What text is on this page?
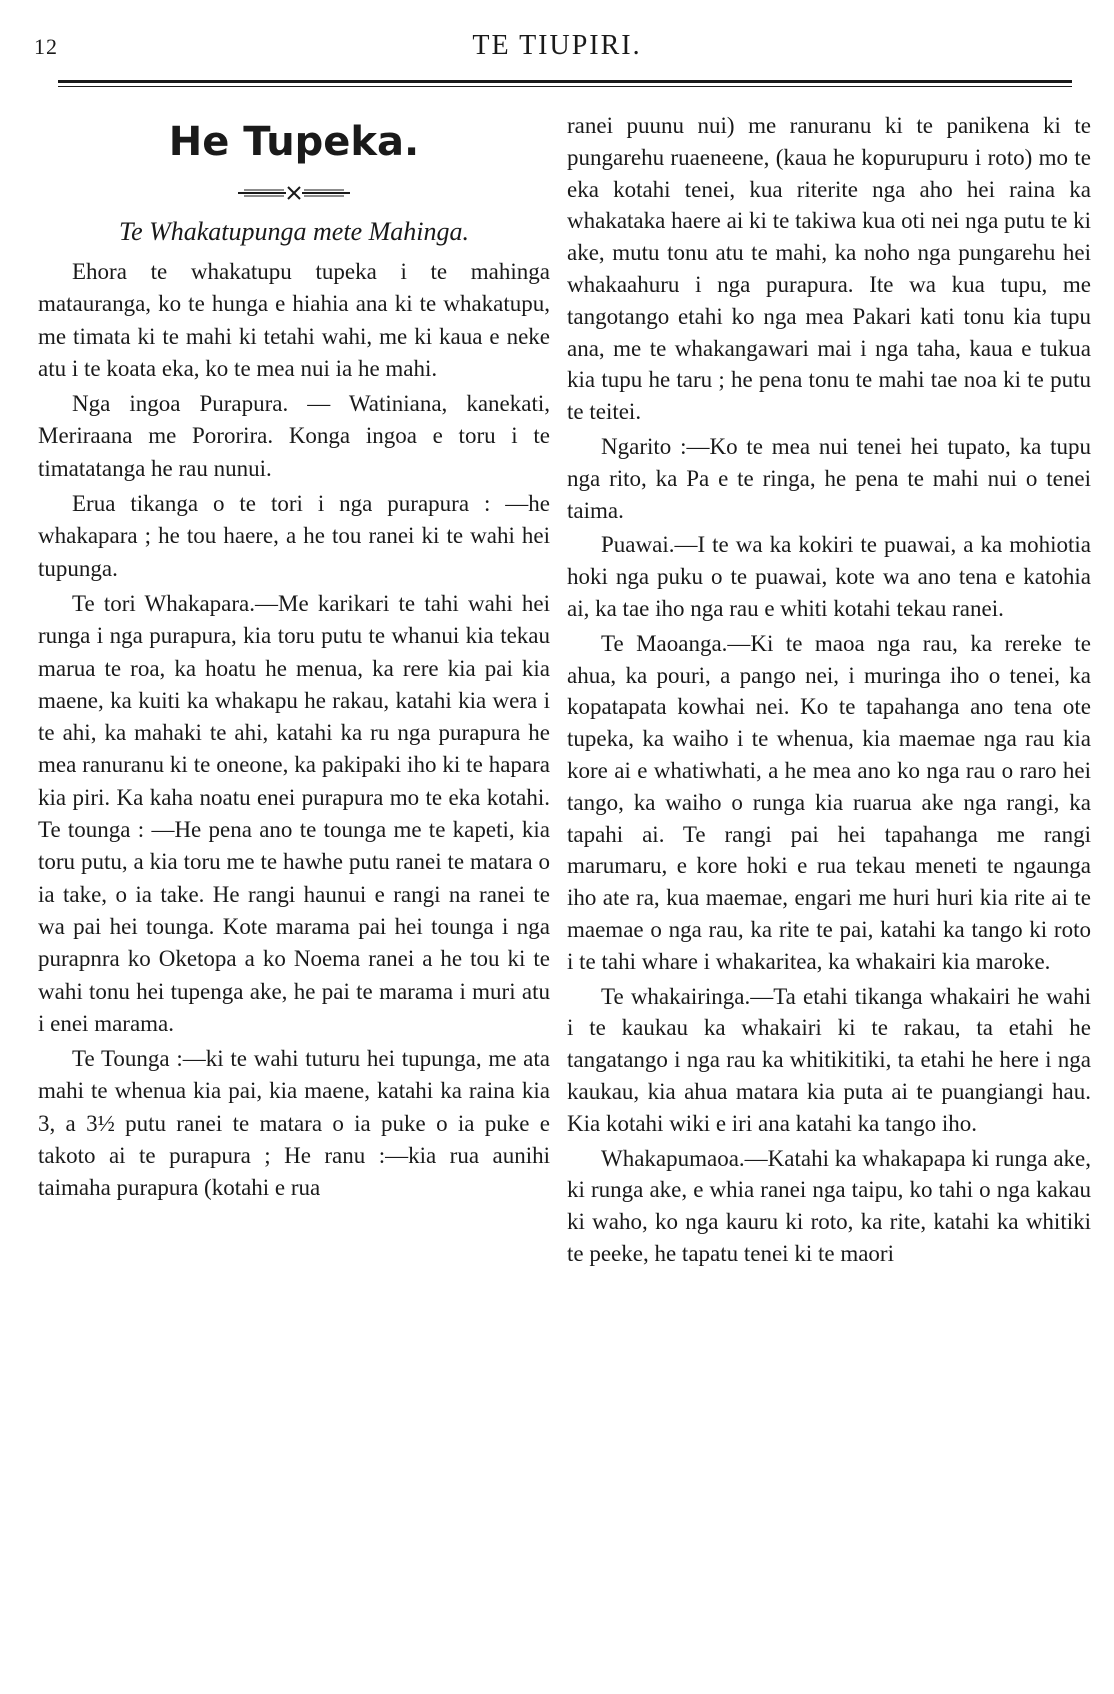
12	TE TIUPIRI.
He Tupeka.
Te Whakatupunga mete Mahinga.

Ehora te whakatupu tupeka i te mahinga matauranga, ko te hunga e hiahia ana ki te whakatupu, me timata ki te mahi ki tetahi wahi, me ki kaua e neke atu i te koata eka, ko te mea nui ia he mahi.

Nga ingoa Purapura. — Watiniana, kanekati, Meriraana me Pororira. Konga ingoa e toru i te timatatanga he rau nunui.

Erua tikanga o te tori i nga purapura : —he whakapara ; he tou haere, a he tou ranei ki te wahi hei tupunga.

Te tori Whakapara.—Me karikari te tahi wahi hei runga i nga purapura, kia toru putu te whanui kia tekau marua te roa, ka hoatu he menua, ka rere kia pai kia maene, ka kuiti ka whakapu he rakau, katahi kia wera i te ahi, ka mahaki te ahi, katahi ka ru nga purapura he mea ranuranu ki te oneone, ka pakipaki iho ki te hapara kia piri. Ka kaha noatu enei purapura mo te eka kotahi. Te tounga : —He pena ano te tounga me te kapeti, kia toru putu, a kia toru me te hawhe putu ranei te matara o ia take, o ia take. He rangi haunui e rangi na ranei te wa pai hei tounga. Kote marama pai hei tounga i nga purapnra ko Oketopa a ko Noema ranei a he tou ki te wahi tonu hei tupenga ake, he pai te marama i muri atu i enei marama.

Te Tounga :—ki te wahi tuturu hei tupunga, me ata mahi te whenua kia pai, kia maene, katahi ka raina kia 3, a 3½ putu ranei te matara o ia puke o ia puke e takoto ai te purapura ; He ranu :—kia rua aunihi taimaha purapura (kotahi e rua

ranei puunu nui) me ranuranu ki te panikena ki te pungarehu ruaeneene, (kaua he kopurupuru i roto) mo te eka kotahi tenei, kua riterite nga aho hei raina ka whakataka haere ai ki te takiwa kua oti nei nga putu te ki ake, mutu tonu atu te mahi, ka noho nga pungarehu hei whakaahuru i nga purapura. Ite wa kua tupu, me tangotango etahi ko nga mea Pakari kati tonu kia tupu ana, me te whakangawari mai i nga taha, kaua e tukua kia tupu he taru ; he pena tonu te mahi tae noa ki te putu te teitei.

Ngarito :—Ko te mea nui tenei hei tupato, ka tupu nga rito, ka Pa e te ringa, he pena te mahi nui o tenei taima.

Puawai.—I te wa ka kokiri te puawai, a ka mohiotia hoki nga puku o te puawai, kote wa ano tena e katohia ai, ka tae iho nga rau e whiti kotahi tekau ranei.

Te Maoanga.—Ki te maoa nga rau, ka rereke te ahua, ka pouri, a pango nei, i muringa iho o tenei, ka kopatapata kowhai nei. Ko te tapahanga ano tena ote tupeka, ka waiho i te whenua, kia maemae nga rau kia kore ai e whatiwhati, a he mea ano ko nga rau o raro hei tango, ka waiho o runga kia ruarua ake nga rangi, ka tapahi ai. Te rangi pai hei tapahanga me rangi marumaru, e kore hoki e rua tekau meneti te ngaunga iho ate ra, kua maemae, engari me huri huri kia rite ai te maemae o nga rau, ka rite te pai, katahi ka tango ki roto i te tahi whare i whakaritea, ka whakairi kia maroke.

Te whakairinga.—Ta etahi tikanga whakairi he wahi i te kaukau ka whakairi ki te rakau, ta etahi he tangatango i nga rau ka whitikitiki, ta etahi he here i nga kaukau, kia ahua matara kia puta ai te puangiangi hau. Kia kotahi wiki e iri ana katahi ka tango iho.

Whakapumaoa.—Katahi ka whakapapa ki runga ake, ki runga ake, e whia ranei nga taipu, ko tahi o nga kakau ki waho, ko nga kauru ki roto, ka rite, katahi ka whitiki te peeke, he tapatu tenei ki te maori
